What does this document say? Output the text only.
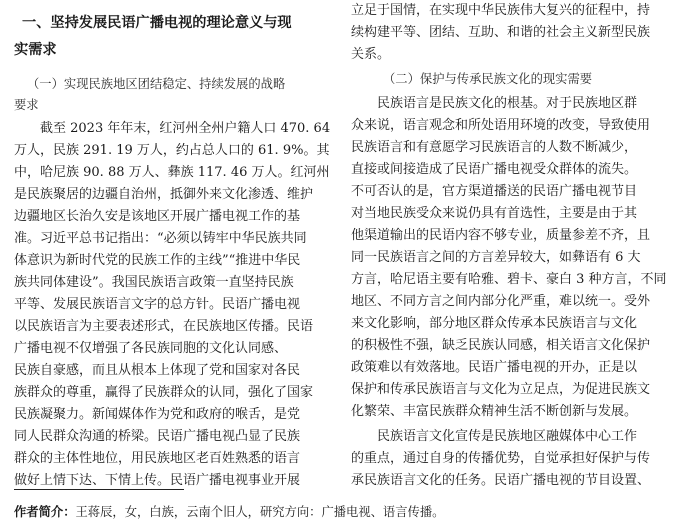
一、坚持发展民语广播电视的理论意义与现
实需求
（一）实现民族地区团结稳定、持续发展的战略
要求
截至 2023 年年末，红河州全州户籍人口 470. 64
万人，民族 291. 19 万人，约占总人口的 61. 9%。其
中，哈尼族 90. 88 万人、彝族 117. 46 万人。红河州
是民族聚居的边疆自治州，抵御外来文化渗透、维护
边疆地区长治久安是该地区开展广播电视工作的基
准。习近平总书记指出：“必须以铸牢中华民族共同
体意识为新时代党的民族工作的主线”“推进中华民
族共同体建设”。我国民族语言政策一直坚持民族
平等、发展民族语言文字的总方针。民语广播电视
以民族语言为主要表述形式，在民族地区传播。民语
广播电视不仅增强了各民族同胞的文化认同感、
民族自豪感，而且从根本上体现了党和国家对各民
族群众的尊重，赢得了民族群众的认同，强化了国家
民族凝聚力。新闻媒体作为党和政府的喉舌，是党
同人民群众沟通的桥梁。民语广播电视凸显了民族
群众的主体性地位，用民族地区老百姓熟悉的语言
做好上情下达、下情上传。民语广播电视事业开展
立足于国情，在实现中华民族伟大复兴的征程中，持
续构建平等、团结、互助、和谐的社会主义新型民族
关系。
（二）保护与传承民族文化的现实需要
民族语言是民族文化的根基。对于民族地区群
众来说，语言观念和所处语用环境的改变，导致使用
民族语言和有意愿学习民族语言的人数不断减少，
直接或间接造成了民语广播电视受众群体的流失。
不可否认的是，官方渠道播送的民语广播电视节目
对当地民族受众来说仍具有首选性，主要是由于其
他渠道输出的民语内容不够专业，质量参差不齐，且
同一民族语言之间的方言差异较大，如彝语有 6 大
方言，哈尼语主要有哈雅、碧卡、豪白 3 种方言，不同
地区、不同方言之间内部分化严重，难以统一。受外
来文化影响，部分地区群众传承本民族语言与文化
的积极性不强，缺乏民族认同感，相关语言文化保护
政策难以有效落地。民语广播电视的开办，正是以
保护和传承民族语言与文化为立足点，为促进民族文
化繁荣、丰富民族群众精神生活不断创新与发展。
民族语言文化宣传是民族地区融媒体中心工作
的重点，通过自身的传播优势，自觉承担好保护与传
承民族语言文化的任务。民语广播电视的节目设置、
作者简介：王蒋辰，女，白族，云南个旧人，研究方向：广播电视、语言传播。
